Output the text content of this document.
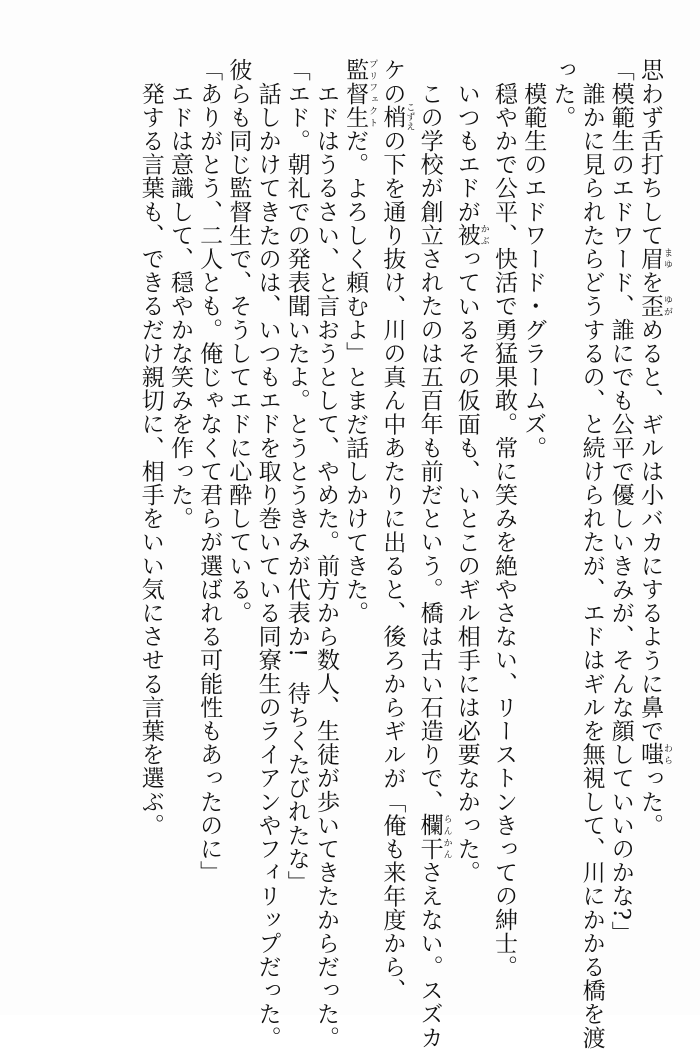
思わず舌打ちして眉 まゆを歪 ゆがめると、ギルは小バカにするように鼻で嗤 わらった。
「模範生のエドワード、誰にでも公平で優しいきみが、そんな顔していいのかな?」
　誰かに見られたらどうするの、と続けられたが、エドはギルを無視して、川にかかる橋を渡
った。
　模範生のエドワード・グラームズ。
　穏やかで公平、快活で勇猛果敢。常に笑みを絶やさない、リーストンきっての紳士。
　いつもエドが被 かぶっているその仮面も、いとこのギル相手には必要なかった。
　この学校が創立されたのは五百年も前だという。橋は古い石造りで、欄干 らんかんさえない。スズカ
ケの梢 こずえの下を通り抜け、川の真ん中あたりに出ると、後ろからギルが「俺も来年度から、
監督生 プリフェクトだ。よろしく頼むよ」とまだ話しかけてきた。
　エドはうるさい、と言おうとして、やめた。前方から数人、生徒が歩いてきたからだった。
「エド。朝礼での発表聞いたよ。とうとうきみが代表か!　待ちくたびれたな」
　話しかけてきたのは、いつもエドを取り巻いている同寮生のライアンやフィリップだった。
彼らも同じ監督生で、そうしてエドに心酔している。
「ありがとう、二人とも。俺じゃなくて君らが選ばれる可能性もあったのに」
　エドは意識して、穏やかな笑みを作った。
　発する言葉も、できるだけ親切に、相手をいい気にさせる言葉を選ぶ。
